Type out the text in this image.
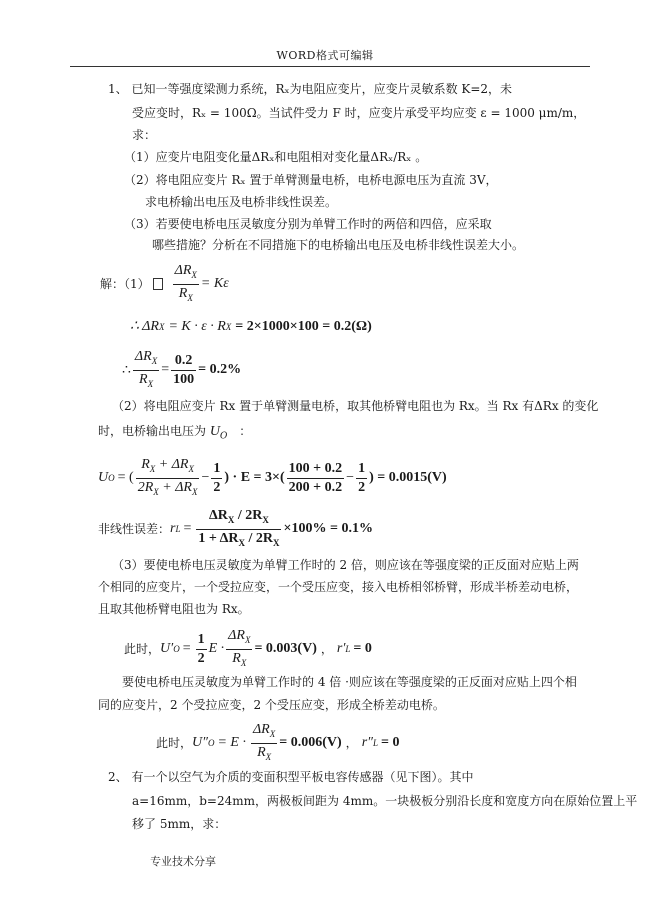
WORD格式可编辑
1、 已知一等强度梁测力系统，Rₓ为电阻应变片，应变片灵敏系数 K=2，未
受应变时，Rₓ = 100Ω。当试件受力 F 时，应变片承受平均应变 ε = 1000 μm/m，
求：
（1）应变片电阻变化量ΔRₓ和电阻相对变化量ΔRₓ/Rₓ 。
（2）将电阻应变片 Rₓ 置于单臂测量电桥，电桥电源电压为直流 3V，
求电桥输出电压及电桥非线性误差。
（3）若要使电桥电压灵敏度分别为单臂工作时的两倍和四倍，应采取
哪些措施？分析在不同措施下的电桥输出电压及电桥非线性误差大小。
解：$(1) \frac{\Delta R_X}{R_X} = K\varepsilon$
∴ ΔR X = K · ε · R X = 2×1000×100 = 0.2(Ω)
∴ $\frac{\Delta R_X}{R_X} = \frac{0.2}{100} = 0.2\%$
（2）将电阻应变片 Rx 置于单臂测量电桥，取其他桥臂电阻也为 Rx。当 Rx 有ΔRx 的变化
时，电桥输出电压为 $U_O$ ：
U O = ( $\frac{R_X + \Delta R_X}{2R_X + \Delta R_X} - \frac{1}{2}$ ) · $E = 3\times( \frac{100 + 0.2}{200 + 0.2} - \frac{1}{2}$ ) = 0.0015(V)
非线性误差： r $L = \frac{\Delta R_X / 2R_X}{1 + \Delta R_X / 2R_X} \times 100\% = 0.1\%$
（3）要使电桥电压灵敏度为单臂工作时的 2 倍，则应该在等强度梁的正反面对应贴上两
个相同的应变片，一个受拉应变，一个受压应变，接入电桥相邻桥臂，形成半桥差动电桥，
且取其他桥臂电阻也为 Rx。
此时， U′ $O = \frac{1}{2}$ $E \cdot \frac{\Delta R_X}{R_X} = 0.003(V)$ ， r′ L = 0
要使电桥电压灵敏度为单臂工作时的 4 倍 ·则应该在等强度梁的正反面对应贴上四个相
同的应变片，2 个受拉应变，2 个受压应变，形成全桥差动电桥。
此时， U″ $O = E \cdot \frac{\Delta R_X}{R_X} = 0.006(V)$ ， r″ L = 0
2、 有一个以空气为介质的变面积型平板电容传感器（见下图）。其中
a=16mm，b=24mm，两极板间距为 4mm。一块极板分别沿长度和宽度方向在原始位置上平
移了 5mm，求：
专业技术分享
